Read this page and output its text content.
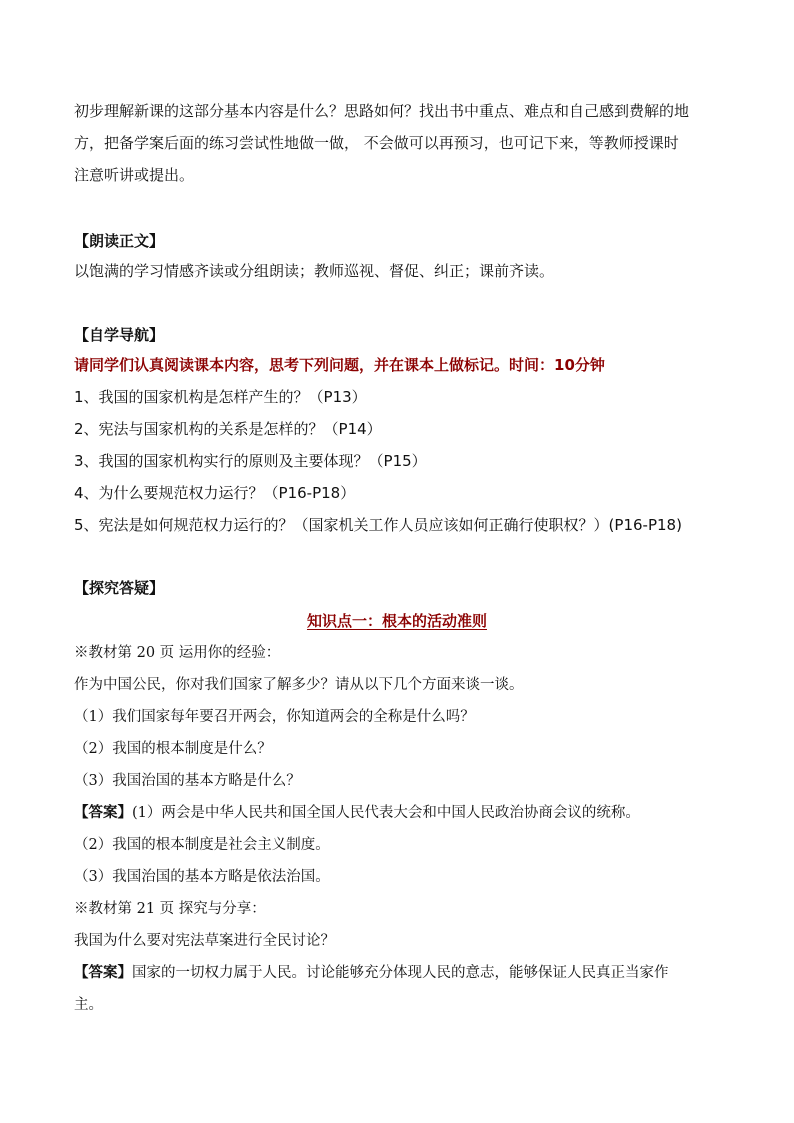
初步理解新课的这部分基本内容是什么？思路如何？找出书中重点、难点和自己感到费解的地
方，把备学案后面的练习尝试性地做一做， 不会做可以再预习，也可记下来，等教师授课时
注意听讲或提出。
【朗读正文】
以饱满的学习情感齐读或分组朗读；教师巡视、督促、纠正；课前齐读。
【自学导航】
请同学们认真阅读课本内容，思考下列问题，并在课本上做标记。时间：10分钟
1、我国的国家机构是怎样产生的？（P13）
2、宪法与国家机构的关系是怎样的？（P14）
3、我国的国家机构实行的原则及主要体现？（P15）
4、为什么要规范权力运行？（P16-P18）
5、宪法是如何规范权力运行的？（国家机关工作人员应该如何正确行使职权？）(P16-P18)
【探究答疑】
知识点一：根本的活动准则
※教材第 20 页 运用你的经验：
作为中国公民，你对我们国家了解多少？请从以下几个方面来谈一谈。
（1）我们国家每年要召开两会，你知道两会的全称是什么吗？
（2）我国的根本制度是什么？
（3）我国治国的基本方略是什么？
【答案】(1）两会是中华人民共和国全国人民代表大会和中国人民政治协商会议的统称。
（2）我国的根本制度是社会主义制度。
（3）我国治国的基本方略是依法治国。
※教材第 21 页 探究与分享：
我国为什么要对宪法草案进行全民讨论？
【答案】国家的一切权力属于人民。讨论能够充分体现人民的意志，能够保证人民真正当家作
主。
